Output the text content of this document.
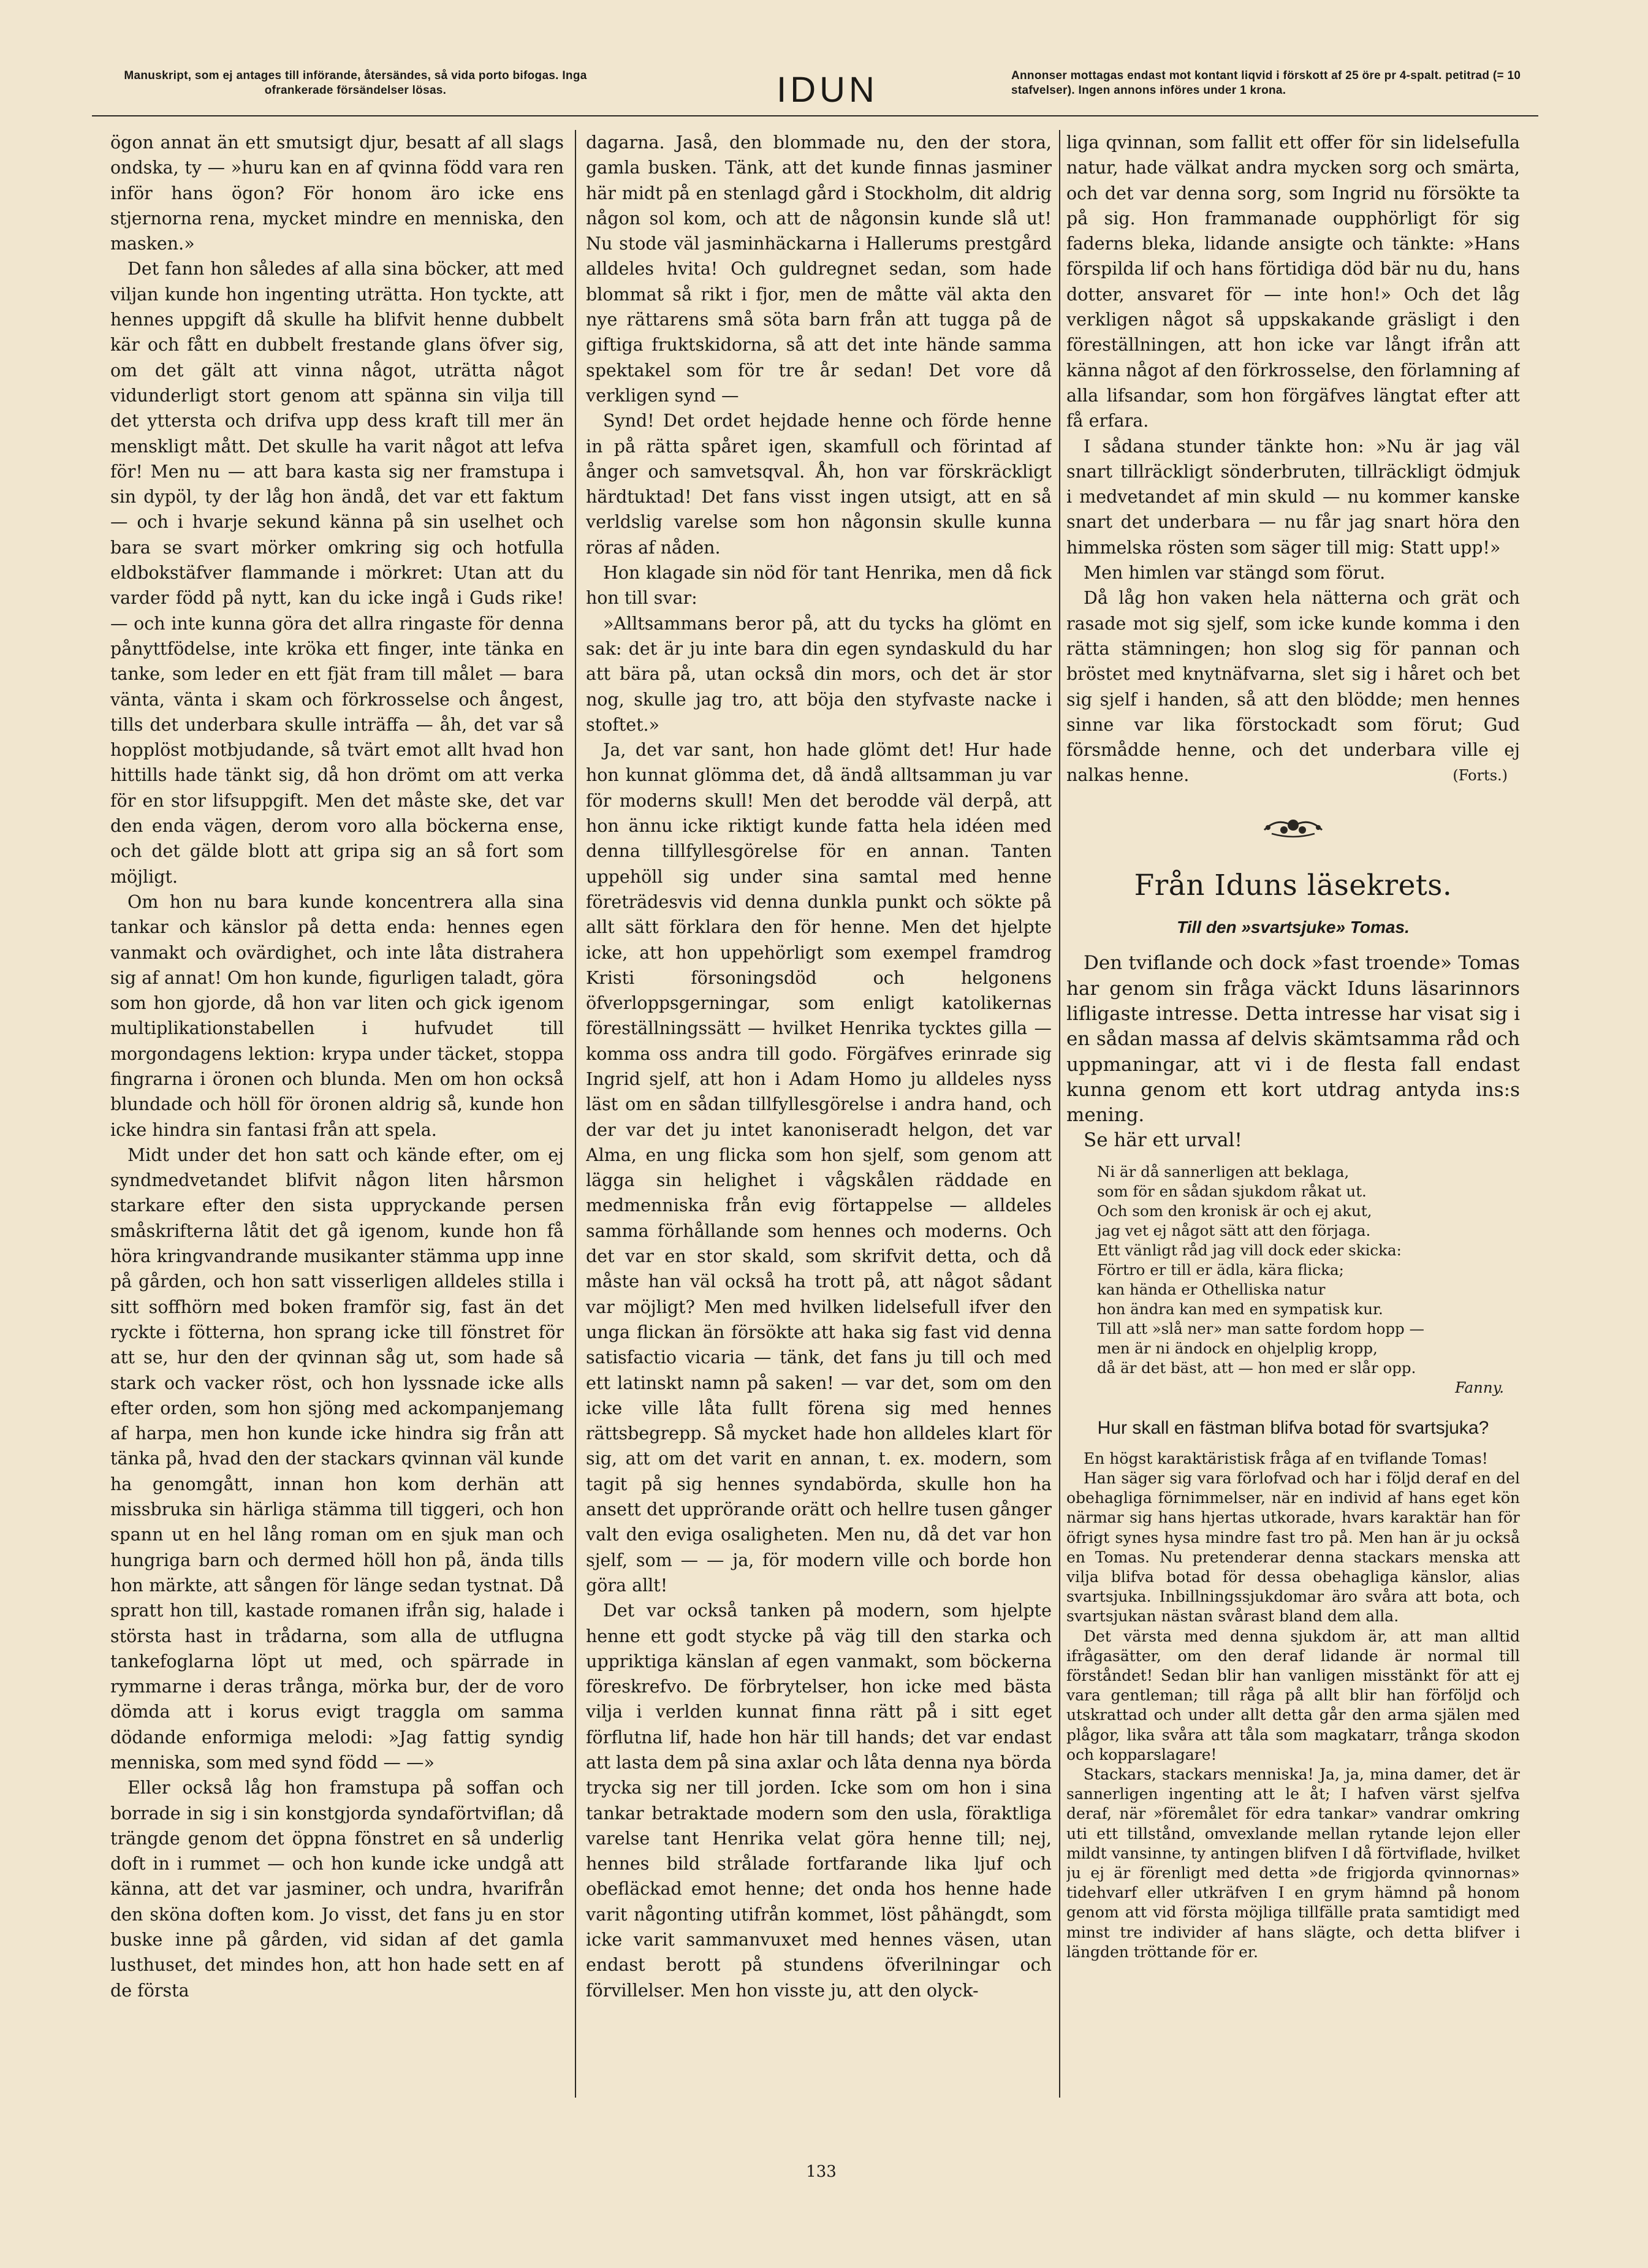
Manuskript, som ej antages till införande, återsändes, så vida porto bifogas. Inga ofrankerade försändelser lösas.	IDUN	Annonser mottagas endast mot kontant liqvid i förskott af 25 öre pr 4-spalt. petitrad (= 10 stafvelser). Ingen annons införes under 1 krona.

ögon annat än ett smutsigt djur, besatt af all slags ondska, ty — »huru kan en af qvinna född vara ren inför hans ögon? För honom äro icke ens stjernorna rena, mycket mindre en menniska, den masken.»

Det fann hon således af alla sina böcker, att med viljan kunde hon ingenting uträtta. Hon tyckte, att hennes uppgift då skulle ha blifvit henne dubbelt kär och fått en dubbelt frestande glans öfver sig, om det gält att vinna något, uträtta något vidunderligt stort genom att spänna sin vilja till det yttersta och drifva upp dess kraft till mer än menskligt mått. Det skulle ha varit något att lefva för! Men nu — att bara kasta sig ner framstupa i sin dypöl, ty der låg hon ändå, det var ett faktum — och i hvarje sekund känna på sin uselhet och bara se svart mörker omkring sig och hotfulla eldbokstäfver flammande i mörkret: Utan att du varder född på nytt, kan du icke ingå i Guds rike! — och inte kunna göra det allra ringaste för denna pånyttfödelse, inte kröka ett finger, inte tänka en tanke, som leder en ett fjät fram till målet — bara vänta, vänta i skam och förkrosselse och ångest, tills det underbara skulle inträffa — åh, det var så hopplöst motbjudande, så tvärt emot allt hvad hon hittills hade tänkt sig, då hon drömt om att verka för en stor lifsuppgift. Men det måste ske, det var den enda vägen, derom voro alla böckerna ense, och det gälde blott att gripa sig an så fort som möjligt.

Om hon nu bara kunde koncentrera alla sina tankar och känslor på detta enda: hennes egen vanmakt och ovärdighet, och inte låta distrahera sig af annat! Om hon kunde, figurligen taladt, göra som hon gjorde, då hon var liten och gick igenom multiplikationstabellen i hufvudet till morgondagens lektion: krypa under täcket, stoppa fingrarna i öronen och blunda. Men om hon också blundade och höll för öronen aldrig så, kunde hon icke hindra sin fantasi från att spela.

Midt under det hon satt och kände efter, om ej syndmedvetandet blifvit någon liten hårsmon starkare efter den sista uppryckande persen småskrifterna låtit det gå igenom, kunde hon få höra kringvandrande musikanter stämma upp inne på gården, och hon satt visserligen alldeles stilla i sitt soffhörn med boken framför sig, fast än det ryckte i fötterna, hon sprang icke till fönstret för att se, hur den der qvinnan såg ut, som hade så stark och vacker röst, och hon lyssnade icke alls efter orden, som hon sjöng med ackompanjemang af harpa, men hon kunde icke hindra sig från att tänka på, hvad den der stackars qvinnan väl kunde ha genomgått, innan hon kom derhän att missbruka sin härliga stämma till tiggeri, och hon spann ut en hel lång roman om en sjuk man och hungriga barn och dermed höll hon på, ända tills hon märkte, att sången för länge sedan tystnat. Då spratt hon till, kastade romanen ifrån sig, halade i största hast in trådarna, som alla de utflugna tankefoglarna löpt ut med, och spärrade in rymmarne i deras trånga, mörka bur, der de voro dömda att i korus evigt traggla om samma dödande enformiga melodi: »Jag fattig syndig menniska, som med synd född — —»

Eller också låg hon framstupa på soffan och borrade in sig i sin konstgjorda syndaförtviflan; då trängde genom det öppna fönstret en så underlig doft in i rummet — och hon kunde icke undgå att känna, att det var jasminer, och undra, hvarifrån den sköna doften kom. Jo visst, det fans ju en stor buske inne på gården, vid sidan af det gamla lusthuset, det mindes hon, att hon hade sett en af de första

dagarna. Jaså, den blommade nu, den der stora, gamla busken. Tänk, att det kunde finnas jasminer här midt på en stenlagd gård i Stockholm, dit aldrig någon sol kom, och att de någonsin kunde slå ut! Nu stode väl jasminhäckarna i Hallerums prestgård alldeles hvita! Och guldregnet sedan, som hade blommat så rikt i fjor, men de måtte väl akta den nye rättarens små söta barn från att tugga på de giftiga fruktskidorna, så att det inte hände samma spektakel som för tre år sedan! Det vore då verkligen synd —

Synd! Det ordet hejdade henne och förde henne in på rätta spåret igen, skamfull och förintad af ånger och samvetsqval. Åh, hon var förskräckligt härdtuktad! Det fans visst ingen utsigt, att en så verldslig varelse som hon någonsin skulle kunna röras af nåden.

Hon klagade sin nöd för tant Henrika, men då fick hon till svar:

»Alltsammans beror på, att du tycks ha glömt en sak: det är ju inte bara din egen syndaskuld du har att bära på, utan också din mors, och det är stor nog, skulle jag tro, att böja den styfvaste nacke i stoftet.»

Ja, det var sant, hon hade glömt det! Hur hade hon kunnat glömma det, då ändå alltsamman ju var för moderns skull! Men det berodde väl derpå, att hon ännu icke riktigt kunde fatta hela idéen med denna tillfyllesgörelse för en annan. Tanten uppehöll sig under sina samtal med henne företrädesvis vid denna dunkla punkt och sökte på allt sätt förklara den för henne. Men det hjelpte icke, att hon uppehörligt som exempel framdrog Kristi försoningsdöd och helgonens öfverloppsgerningar, som enligt katolikernas föreställningssätt — hvilket Henrika tycktes gilla — komma oss andra till godo. Förgäfves erinrade sig Ingrid sjelf, att hon i Adam Homo ju alldeles nyss läst om en sådan tillfyllesgörelse i andra hand, och der var det ju intet kanoniseradt helgon, det var Alma, en ung flicka som hon sjelf, som genom att lägga sin helighet i vågskålen räddade en medmenniska från evig förtappelse — alldeles samma förhållande som hennes och moderns. Och det var en stor skald, som skrifvit detta, och då måste han väl också ha trott på, att något sådant var möjligt? Men med hvilken lidelsefull ifver den unga flickan än försökte att haka sig fast vid denna satisfactio vicaria — tänk, det fans ju till och med ett latinskt namn på saken! — var det, som om den icke ville låta fullt förena sig med hennes rättsbegrepp. Så mycket hade hon alldeles klart för sig, att om det varit en annan, t. ex. modern, som tagit på sig hennes syndabörda, skulle hon ha ansett det upprörande orätt och hellre tusen gånger valt den eviga osaligheten. Men nu, då det var hon sjelf, som — — ja, för modern ville och borde hon göra allt!

Det var också tanken på modern, som hjelpte henne ett godt stycke på väg till den starka och uppriktiga känslan af egen vanmakt, som böckerna föreskrefvo. De förbrytelser, hon icke med bästa vilja i verlden kunnat finna rätt på i sitt eget förflutna lif, hade hon här till hands; det var endast att lasta dem på sina axlar och låta denna nya börda trycka sig ner till jorden. Icke som om hon i sina tankar betraktade modern som den usla, föraktliga varelse tant Henrika velat göra henne till; nej, hennes bild strålade fortfarande lika ljuf och obefläckad emot henne; det onda hos henne hade varit någonting utifrån kommet, löst påhängdt, som icke varit sammanvuxet med hennes väsen, utan endast berott på stundens öfverilningar och förvillelser. Men hon visste ju, att den olyck-

liga qvinnan, som fallit ett offer för sin lidelsefulla natur, hade välkat andra mycken sorg och smärta, och det var denna sorg, som Ingrid nu försökte ta på sig. Hon frammanade oupphörligt för sig faderns bleka, lidande ansigte och tänkte: »Hans förspilda lif och hans förtidiga död bär nu du, hans dotter, ansvaret för — inte hon!» Och det låg verkligen något så uppskakande gräsligt i den föreställningen, att hon icke var långt ifrån att känna något af den förkrosselse, den förlamning af alla lifsandar, som hon förgäfves längtat efter att få erfara.

I sådana stunder tänkte hon: »Nu är jag väl snart tillräckligt sönderbruten, tillräckligt ödmjuk i medvetandet af min skuld — nu kommer kanske snart det underbara — nu får jag snart höra den himmelska rösten som säger till mig: Statt upp!»

Men himlen var stängd som förut.

Då låg hon vaken hela nätterna och grät och rasade mot sig sjelf, som icke kunde komma i den rätta stämningen; hon slog sig för pannan och bröstet med knytnäfvarna, slet sig i håret och bet sig sjelf i handen, så att den blödde; men hennes sinne var lika förstockadt som förut; Gud försmådde henne, och det underbara ville ej nalkas henne.	(Forts.)
Från Iduns läsekrets.
Till den »svartsjuke» Tomas.

Den tviflande och dock »fast troende» Tomas har genom sin fråga väckt Iduns läsarinnors lifligaste intresse. Detta intresse har visat sig i en sådan massa af delvis skämtsamma råd och uppmaningar, att vi i de flesta fall endast kunna genom ett kort utdrag antyda ins:s mening.

Se här ett urval!

Ni är då sannerligen att beklaga,
som för en sådan sjukdom råkat ut.
Och som den kronisk är och ej akut,
jag vet ej något sätt att den förjaga.
Ett vänligt råd jag vill dock eder skicka:
Förtro er till er ädla, kära flicka;
kan hända er Othelliska natur
hon ändra kan med en sympatisk kur.
Till att »slå ner» man satte fordom hopp —
men är ni ändock en ohjelplig kropp,
då är det bäst, att — hon med er slår opp.
Fanny.
Hur skall en fästman blifva botad för svartsjuka?

En högst karaktäristisk fråga af en tviflande Tomas!

Han säger sig vara förlofvad och har i följd deraf en del obehagliga förnimmelser, när en individ af hans eget kön närmar sig hans hjertas utkorade, hvars karaktär han för öfrigt synes hysa mindre fast tro på. Men han är ju också en Tomas. Nu pretenderar denna stackars menska att vilja blifva botad för dessa obehagliga känslor, alias svartsjuka. Inbillningssjukdomar äro svåra att bota, och svartsjukan nästan svårast bland dem alla.

Det värsta med denna sjukdom är, att man alltid ifrågasätter, om den deraf lidande är normal till förståndet! Sedan blir han vanligen misstänkt för att ej vara gentleman; till råga på allt blir han förföljd och utskrattad och under allt detta går den arma själen med plågor, lika svåra att tåla som magkatarr, trånga skodon och kopparslagare!

Stackars, stackars menniska! Ja, ja, mina damer, det är sannerligen ingenting att le åt; I hafven värst sjelfva deraf, när »föremålet för edra tankar» vandrar omkring uti ett tillstånd, omvexlande mellan rytande lejon eller mildt vansinne, ty antingen blifven I då förtviflade, hvilket ju ej är förenligt med detta »de frigjorda qvinnornas» tidehvarf eller utkräfven I en grym hämnd på honom genom att vid första möjliga tillfälle prata samtidigt med minst tre individer af hans slägte, och detta blifver i längden tröttande för er.

133
